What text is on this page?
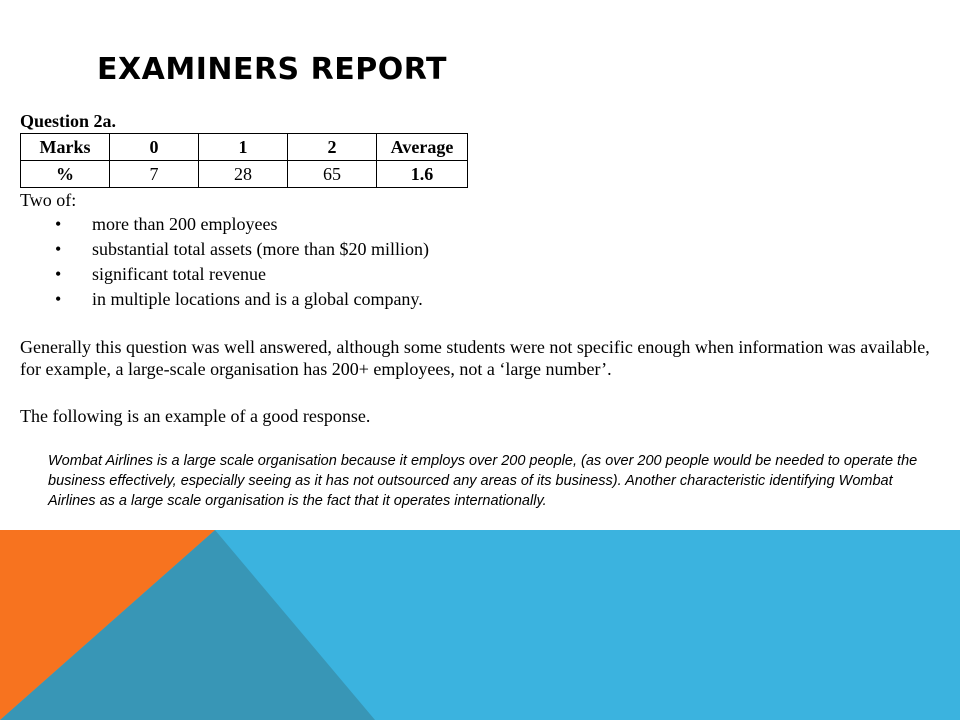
EXAMINERS REPORT

Question 2a.

Marks	0	1	2	Average
%	7	28	65	1.6

Two of:

• more than 200 employees
• substantial total assets (more than $20 million)
• significant total revenue
• in multiple locations and is a global company.

Generally this question was well answered, although some students were not specific enough when information was available, for example, a large-scale organisation has 200+ employees, not a ‘large number’.

The following is an example of a good response.

Wombat Airlines is a large scale organisation because it employs over 200 people, (as over 200 people would be needed to operate the business effectively, especially seeing as it has not outsourced any areas of its business). Another characteristic identifying Wombat Airlines as a large scale organisation is the fact that it operates internationally.
